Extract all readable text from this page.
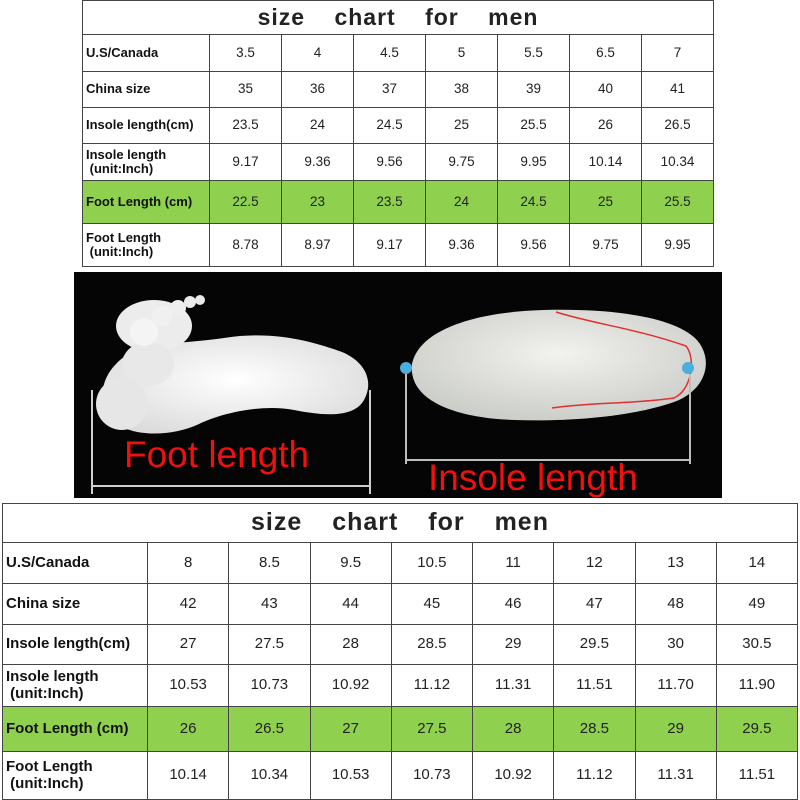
size chart for men							
U.S/Canada	3.5	4	4.5	5	5.5	6.5	7
China size	35	36	37	38	39	40	41
Insole length(cm)	23.5	24	24.5	25	25.5	26	26.5
Insole length
(unit:Inch)	9.17	9.36	9.56	9.75	9.95	10.14	10.34
Foot Length (cm)	22.5	23	23.5	24	24.5	25	25.5
Foot Length
(unit:Inch)	8.78	8.97	9.17	9.36	9.56	9.75	9.95
Foot length
Insole length
size chart for men								
U.S/Canada	8	8.5	9.5	10.5	11	12	13	14
China size	42	43	44	45	46	47	48	49
Insole length(cm)	27	27.5	28	28.5	29	29.5	30	30.5
Insole length
(unit:Inch)	10.53	10.73	10.92	11.12	11.31	11.51	11.70	11.90
Foot Length (cm)	26	26.5	27	27.5	28	28.5	29	29.5
Foot Length
(unit:Inch)	10.14	10.34	10.53	10.73	10.92	11.12	11.31	11.51
